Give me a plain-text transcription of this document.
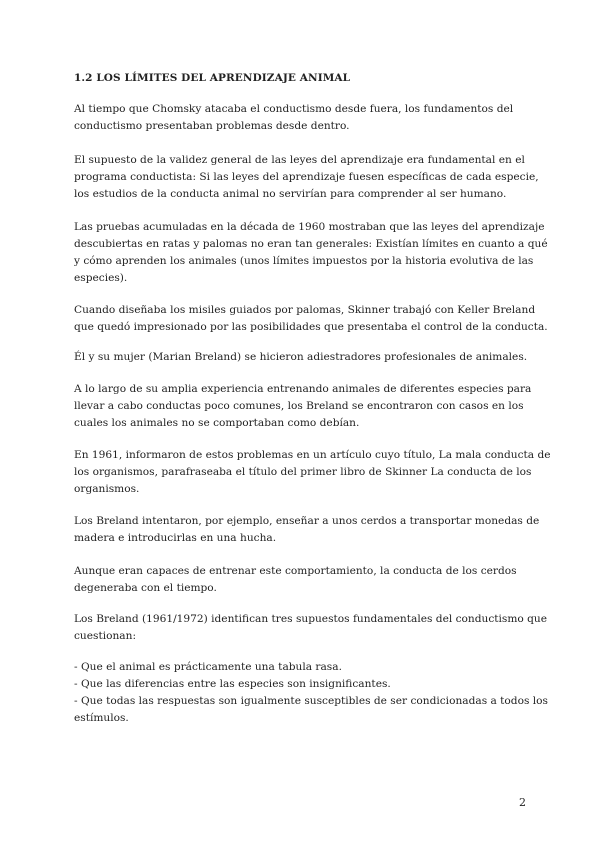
1.2 LOS LÍMITES DEL APRENDIZAJE ANIMAL
Al tiempo que Chomsky atacaba el conductismo desde fuera, los fundamentos del
conductismo presentaban problemas desde dentro.
El supuesto de la validez general de las leyes del aprendizaje era fundamental en el
programa conductista: Si las leyes del aprendizaje fuesen específicas de cada especie,
los estudios de la conducta animal no servirían para comprender al ser humano.
Las pruebas acumuladas en la década de 1960 mostraban que las leyes del aprendizaje
descubiertas en ratas y palomas no eran tan generales: Existían límites en cuanto a qué
y cómo aprenden los animales (unos límites impuestos por la historia evolutiva de las
especies).
Cuando diseñaba los misiles guiados por palomas, Skinner trabajó con Keller Breland
que quedó impresionado por las posibilidades que presentaba el control de la conducta.
Él y su mujer (Marian Breland) se hicieron adiestradores profesionales de animales.
A lo largo de su amplia experiencia entrenando animales de diferentes especies para
llevar a cabo conductas poco comunes, los Breland se encontraron con casos en los
cuales los animales no se comportaban como debían.
En 1961, informaron de estos problemas en un artículo cuyo título, La mala conducta de
los organismos, parafraseaba el título del primer libro de Skinner La conducta de los
organismos.
Los Breland intentaron, por ejemplo, enseñar a unos cerdos a transportar monedas de
madera e introducirlas en una hucha.
Aunque eran capaces de entrenar este comportamiento, la conducta de los cerdos
degeneraba con el tiempo.
Los Breland (1961/1972) identifican tres supuestos fundamentales del conductismo que
cuestionan:
- Que el animal es prácticamente una tabula rasa.
- Que las diferencias entre las especies son insignificantes.
- Que todas las respuestas son igualmente susceptibles de ser condicionadas a todos los
estímulos.
2
